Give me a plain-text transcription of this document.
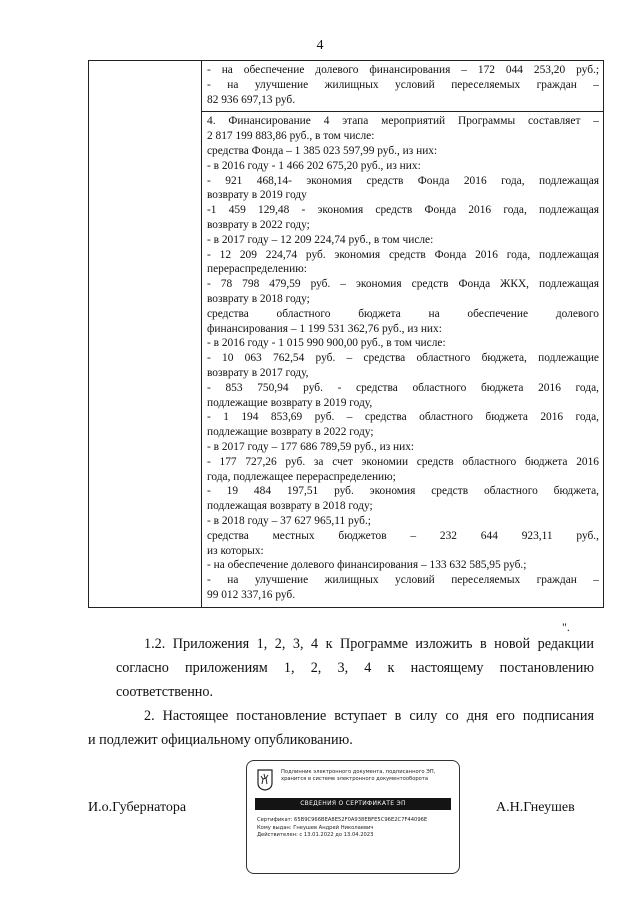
4

- на обеспечение долевого финансирования – 172 044 253,20 руб.;
- на улучшение жилищных условий переселяемых граждан –
82 936 697,13 руб.

4. Финансирование 4 этапа мероприятий Программы составляет –
2 817 199 883,86 руб., в том числе:
средства Фонда – 1 385 023 597,99 руб., из них:
- в 2016 году - 1 466 202 675,20 руб., из них:
- 921 468,14- экономия средств Фонда 2016 года, подлежащая
возврату в 2019 году
-1 459 129,48 - экономия средств Фонда 2016 года, подлежащая
возврату в 2022 году;
- в 2017 году – 12 209 224,74 руб., в том числе:
- 12 209 224,74 руб. экономия средств Фонда 2016 года, подлежащая
перераспределению:
- 78 798 479,59 руб. – экономия средств Фонда ЖКХ, подлежащая
возврату в 2018 году;
средства областного бюджета на обеспечение долевого
финансирования – 1 199 531 362,76 руб., из них:
- в 2016 году - 1 015 990 900,00 руб., в том числе:
- 10 063 762,54 руб. – средства областного бюджета, подлежащие
возврату в 2017 году,
- 853 750,94 руб. - средства областного бюджета 2016 года,
подлежащие возврату в 2019 году,
- 1 194 853,69 руб. – средства областного бюджета 2016 года,
подлежащие возврату в 2022 году;
- в 2017 году – 177 686 789,59 руб., из них:
- 177 727,26 руб. за счет экономии средств областного бюджета 2016
года, подлежащее перераспределению;
- 19 484 197,51 руб. экономия средств областного бюджета,
подлежащая возврату в 2018 году;
- в 2018 году – 37 627 965,11 руб.;
средства местных бюджетов – 232 644 923,11 руб.,
из которых:
- на обеспечение долевого финансирования – 133 632 585,95 руб.;
- на улучшение жилищных условий переселяемых граждан –
99 012 337,16 руб.
".
1.2. Приложения 1, 2, 3, 4 к Программе изложить в новой редакции
согласно приложениям 1, 2, 3, 4 к настоящему постановлению
соответственно.
2. Настоящее постановление вступает в силу со дня его подписания
и подлежит официальному опубликованию.
И.о.Губернатора	А.Н.Гнеушев
Подлинник электронного документа, подписанного ЭП,
хранится в системе электронного документооборота
СВЕДЕНИЯ О СЕРТИФИКАТЕ ЭП
Сертификат: 65B9C966BEA8E52F0A938EBFE5C96E2C7F44096E
Кому выдан: Гнеушев Андрей Николаевич
Действителен: с 13.01.2022 до 13.04.2023
